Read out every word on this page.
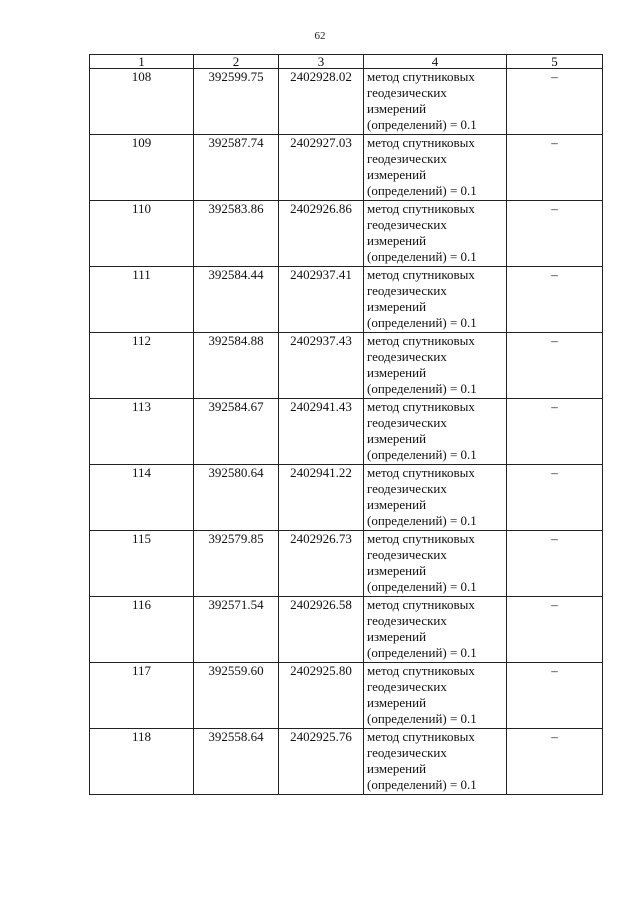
62
1	2	3	4	5
108	392599.75	2402928.02	метод спутниковых
геодезических
измерений
(определений) = 0.1	–
109	392587.74	2402927.03	метод спутниковых
геодезических
измерений
(определений) = 0.1	–
110	392583.86	2402926.86	метод спутниковых
геодезических
измерений
(определений) = 0.1	–
111	392584.44	2402937.41	метод спутниковых
геодезических
измерений
(определений) = 0.1	–
112	392584.88	2402937.43	метод спутниковых
геодезических
измерений
(определений) = 0.1	–
113	392584.67	2402941.43	метод спутниковых
геодезических
измерений
(определений) = 0.1	–
114	392580.64	2402941.22	метод спутниковых
геодезических
измерений
(определений) = 0.1	–
115	392579.85	2402926.73	метод спутниковых
геодезических
измерений
(определений) = 0.1	–
116	392571.54	2402926.58	метод спутниковых
геодезических
измерений
(определений) = 0.1	–
117	392559.60	2402925.80	метод спутниковых
геодезических
измерений
(определений) = 0.1	–
118	392558.64	2402925.76	метод спутниковых
геодезических
измерений
(определений) = 0.1	–
